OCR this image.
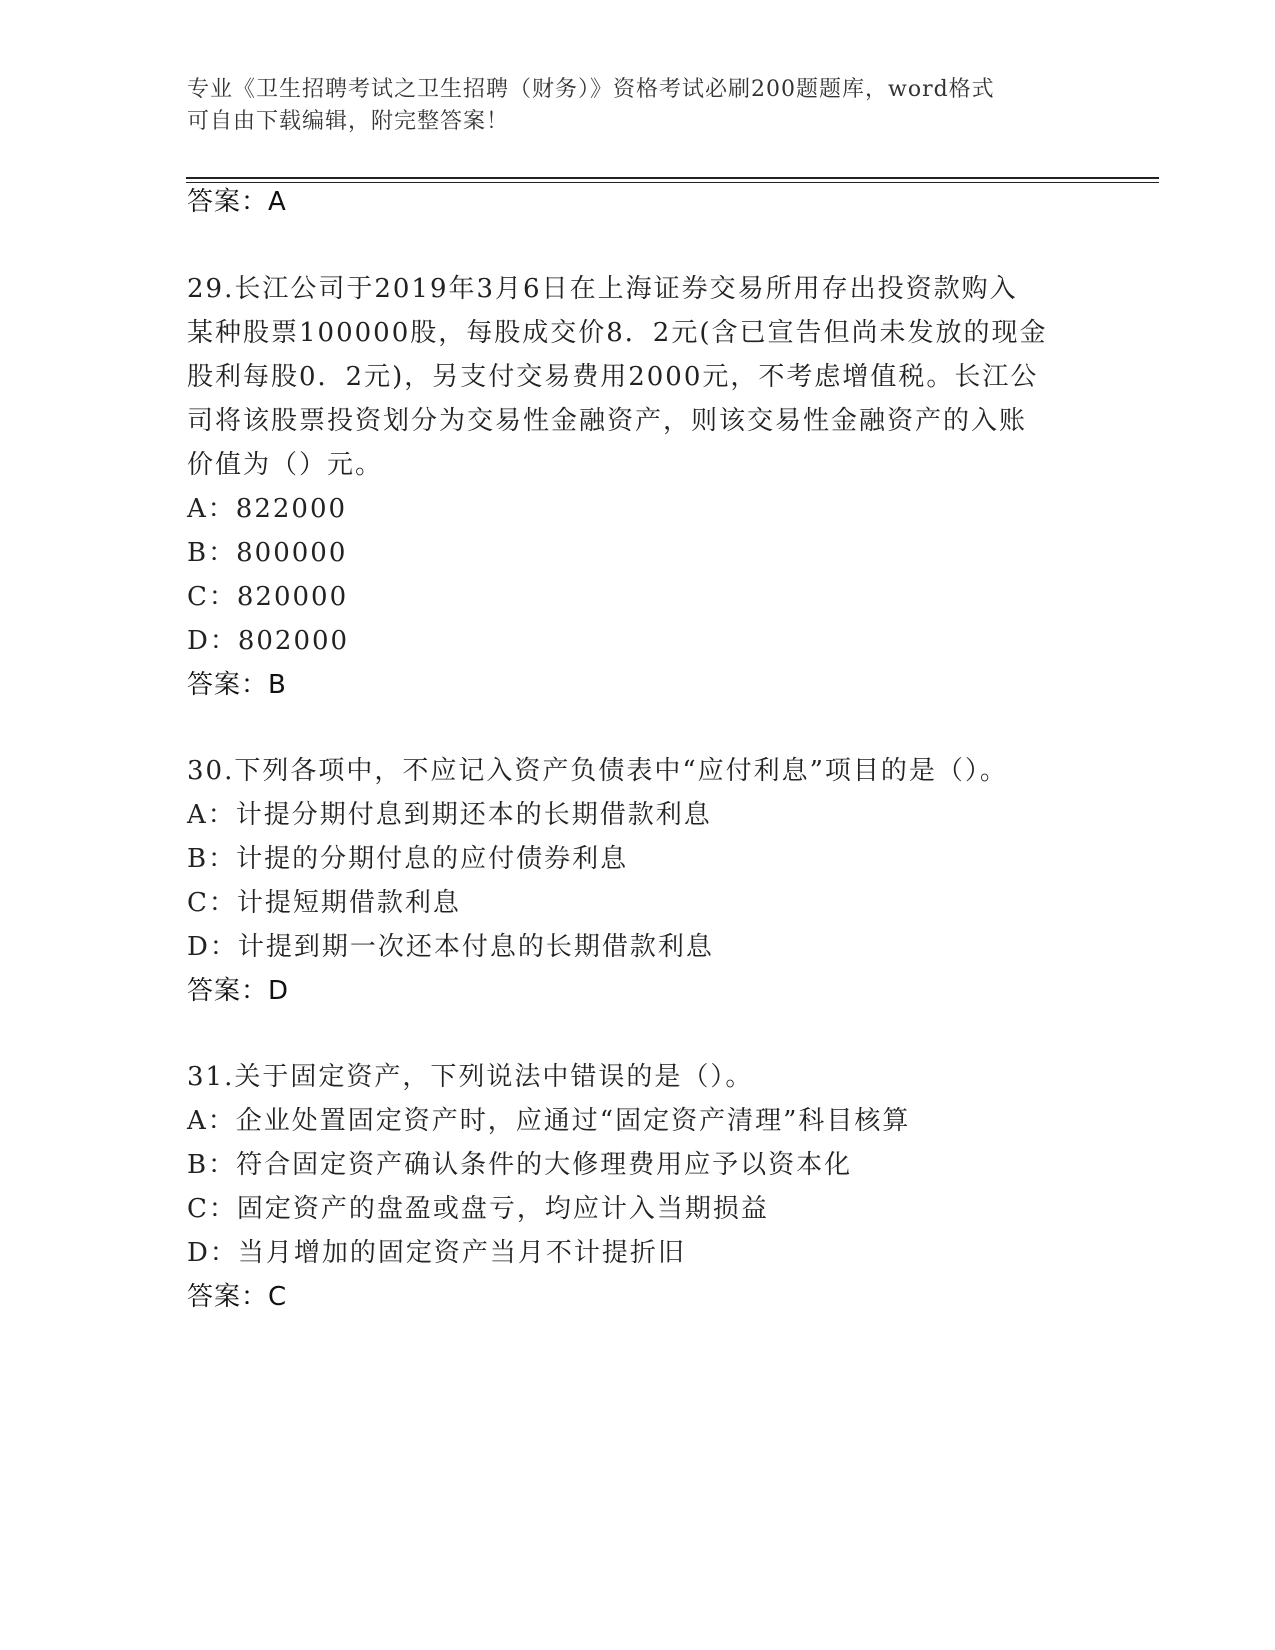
专业《卫生招聘考试之卫生招聘（财务）》资格考试必刷200题题库，word格式
可自由下载编辑，附完整答案！
答案：A
29.长江公司于2019年3月6日在上海证券交易所用存出投资款购入
某种股票100000股，每股成交价8．2元(含已宣告但尚未发放的现金
股利每股0．2元)，另支付交易费用2000元，不考虑增值税。长江公
司将该股票投资划分为交易性金融资产，则该交易性金融资产的入账
价值为（）元。
A：822000
B：800000
C：820000
D：802000
答案：B
30.下列各项中，不应记入资产负债表中“应付利息”项目的是（）。
A：计提分期付息到期还本的长期借款利息
B：计提的分期付息的应付债券利息
C：计提短期借款利息
D：计提到期一次还本付息的长期借款利息
答案：D
31.关于固定资产，下列说法中错误的是（）。
A：企业处置固定资产时，应通过“固定资产清理”科目核算
B：符合固定资产确认条件的大修理费用应予以资本化
C：固定资产的盘盈或盘亏，均应计入当期损益
D：当月增加的固定资产当月不计提折旧
答案：C
